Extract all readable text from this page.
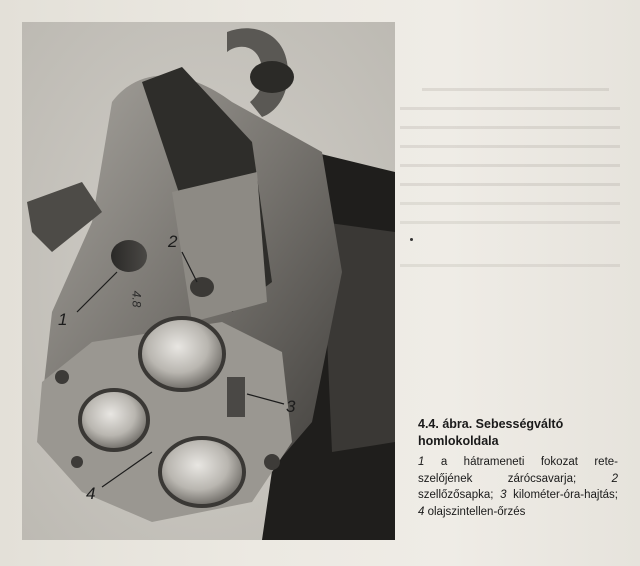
1
2
3
4
4.8

4.4. ábra. Sebességváltó
homlokoldala

1 a hátrameneti fokozat rete-szelőjének zárócsavarja; 2 szellőzősapka; 3 kilométer-óra-hajtás; 4 olajszintellen-őrzés
